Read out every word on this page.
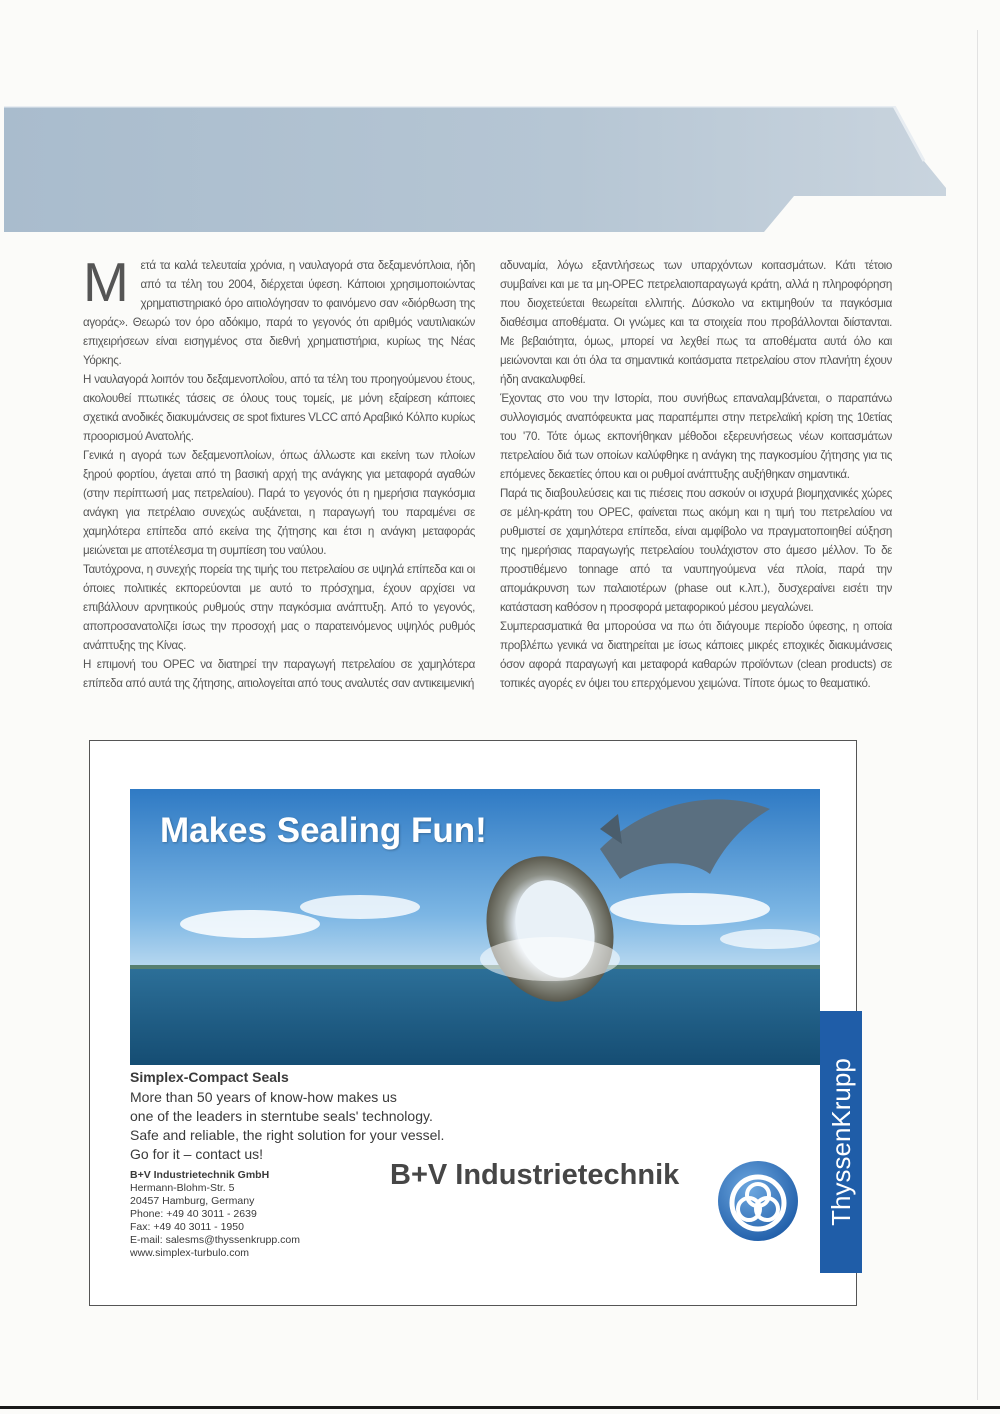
Μ	ετά τα καλά τελευταία χρόνια, η ναυλαγορά στα δεξαμενόπλοια, ήδη από τα τέλη του 2004, διέρχεται ύφεση. Κάποιοι χρησιμοποιώντας χρηματιστηριακό όρο αιτιολόγησαν το φαινόμενο σαν «διόρθωση της αγοράς». Θεωρώ τον όρο αδόκιμο, παρά το γεγονός ότι αριθμός ναυτιλιακών επιχειρήσεων είναι εισηγμένος στα διεθνή χρηματιστήρια, κυρίως της Νέας Υόρκης.

Η ναυλαγορά λοιπόν του δεξαμενοπλοΐου, από τα τέλη του προηγούμενου έτους, ακολουθεί πτωτικές τάσεις σε όλους τους τομείς, με μόνη εξαίρεση κάποιες σχετικά ανοδικές διακυμάνσεις σε spot fixtures VLCC από Αραβικό Κόλπο κυρίως προορισμού Ανατολής.

Γενικά η αγορά των δεξαμενοπλοίων, όπως άλλωστε και εκείνη των πλοίων ξηρού φορτίου, άγεται από τη βασική αρχή της ανάγκης για μεταφορά αγαθών (στην περίπτωσή μας πετρελαίου). Παρά το γεγονός ότι η ημερήσια παγκόσμια ανάγκη για πετρέλαιο συνεχώς αυξάνεται, η παραγωγή του παραμένει σε χαμηλότερα επίπεδα από εκείνα της ζήτησης και έτσι η ανάγκη μεταφοράς μειώνεται με αποτέλεσμα τη συμπίεση του ναύλου.

Ταυτόχρονα, η συνεχής πορεία της τιμής του πετρελαίου σε υψηλά επίπεδα και οι όποιες πολιτικές εκπορεύονται με αυτό το πρόσχημα, έχουν αρχίσει να επιβάλλουν αρνητικούς ρυθμούς στην παγκόσμια ανάπτυξη. Από το γεγονός, αποπροσανατολίζει ίσως την προσοχή μας ο παρατεινόμενος υψηλός ρυθμός ανάπτυξης της Κίνας.

Η επιμονή του OPEC να διατηρεί την παραγωγή πετρελαίου σε χαμηλότερα επίπεδα από αυτά της ζήτησης, αιτιολογείται από τους αναλυτές σαν αντικειμενική

αδυναμία, λόγω εξαντλήσεως των υπαρχόντων κοιτασμάτων. Κάτι τέτοιο συμβαίνει και με τα μη-OPEC πετρελαιοπαραγωγά κράτη, αλλά η πληροφόρηση που διοχετεύεται θεωρείται ελλιπής. Δύσκολο να εκτιμηθούν τα παγκόσμια διαθέσιμα αποθέματα. Οι γνώμες και τα στοιχεία που προβάλλονται διίστανται. Με βεβαιότητα, όμως, μπορεί να λεχθεί πως τα αποθέματα αυτά όλο και μειώνονται και ότι όλα τα σημαντικά κοιτάσματα πετρελαίου στον πλανήτη έχουν ήδη ανακαλυφθεί.

Έχοντας στο νου την Ιστορία, που συνήθως επαναλαμβάνεται, ο παραπάνω συλλογισμός αναπόφευκτα μας παραπέμπει στην πετρελαϊκή κρίση της 10ετίας του '70. Τότε όμως εκπονήθηκαν μέθοδοι εξερευνήσεως νέων κοιτασμάτων πετρελαίου διά των οποίων καλύφθηκε η ανάγκη της παγκοσμίου ζήτησης για τις επόμενες δεκαετίες όπου και οι ρυθμοί ανάπτυξης αυξήθηκαν σημαντικά.

Παρά τις διαβουλεύσεις και τις πιέσεις που ασκούν οι ισχυρά βιομηχανικές χώρες σε μέλη-κράτη του OPEC, φαίνεται πως ακόμη και η τιμή του πετρελαίου να ρυθμιστεί σε χαμηλότερα επίπεδα, είναι αμφίβολο να πραγματοποιηθεί αύξηση της ημερήσιας παραγωγής πετρελαίου τουλάχιστον στο άμεσο μέλλον. Το δε προστιθέμενο tonnage από τα ναυπηγούμενα νέα πλοία, παρά την απομάκρυνση των παλαιοτέρων (phase out κ.λπ.), δυσχεραίνει εισέτι την κατάσταση καθόσον η προσφορά μεταφορικού μέσου μεγαλώνει.

Συμπερασματικά θα μπορούσα να πω ότι διάγουμε περίοδο ύφεσης, η οποία προβλέπω γενικά να διατηρείται με ίσως κάποιες μικρές εποχικές διακυμάνσεις όσον αφορά παραγωγή και μεταφορά καθαρών προϊόντων (clean products) σε τοπικές αγορές εν όψει του επερχόμενου χειμώνα. Τίποτε όμως το θεαματικό.

Makes Sealing Fun!
ThyssenKrupp
Simplex-Compact Seals
More than 50 years of know-how makes us
one of the leaders in sterntube seals' technology.
Safe and reliable, the right solution for your vessel.
Go for it – contact us!
B+V Industrietechnik
B+V Industrietechnik GmbH
Hermann-Blohm-Str. 5
20457 Hamburg, Germany
Phone: +49 40 3011 - 2639
Fax: +49 40 3011 - 1950
E-mail: salesms@thyssenkrupp.com
www.simplex-turbulo.com
